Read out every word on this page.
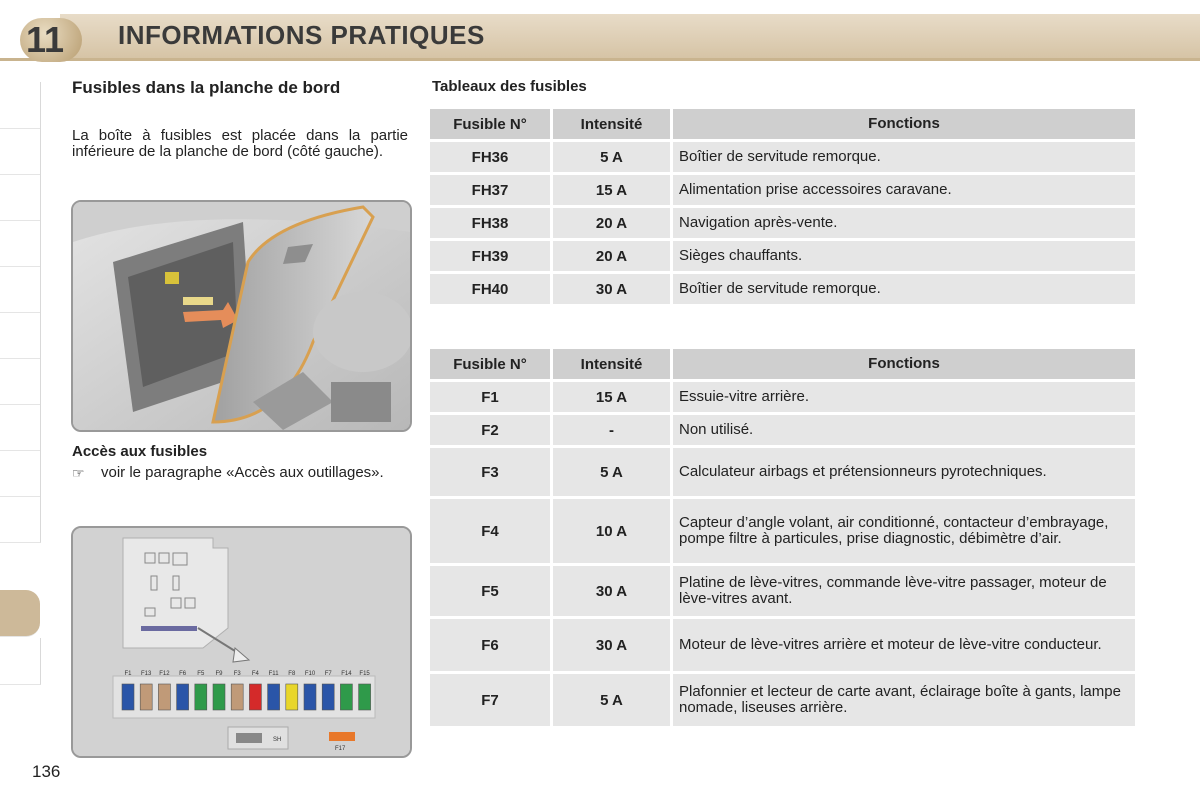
11 INFORMATIONS PRATIQUES
136
Fusibles dans la planche de bord
La boîte à fusibles est placée dans la partie inférieure de la planche de bord (côté gauche).
Accès aux fusibles
☞ voir le paragraphe «Accès aux outillages».
F1 F13 F12 F6 F5 F9 F3 F4 F11 F8 F10 F7 F14 F15
SH
F17
Tableaux des fusibles
Fusible N°	Intensité	Fonctions
FH36	5 A	Boîtier de servitude remorque.
FH37	15 A	Alimentation prise accessoires caravane.
FH38	20 A	Navigation après-vente.
FH39	20 A	Sièges chauffants.
FH40	30 A	Boîtier de servitude remorque.
Fusible N°	Intensité	Fonctions
F1	15 A	Essuie-vitre arrière.
F2	-	Non utilisé.
F3	5 A	Calculateur airbags et prétensionneurs pyrotechniques.
F4	10 A	Capteur d’angle volant, air conditionné, contacteur d’embrayage, pompe filtre à particules, prise diagnostic, débimètre d’air.
F5	30 A	Platine de lève-vitres, commande lève-vitre passager, moteur de lève-vitres avant.
F6	30 A	Moteur de lève-vitres arrière et moteur de lève-vitre conducteur.
F7	5 A	Plafonnier et lecteur de carte avant, éclairage boîte à gants, lampe nomade, liseuses arrière.
